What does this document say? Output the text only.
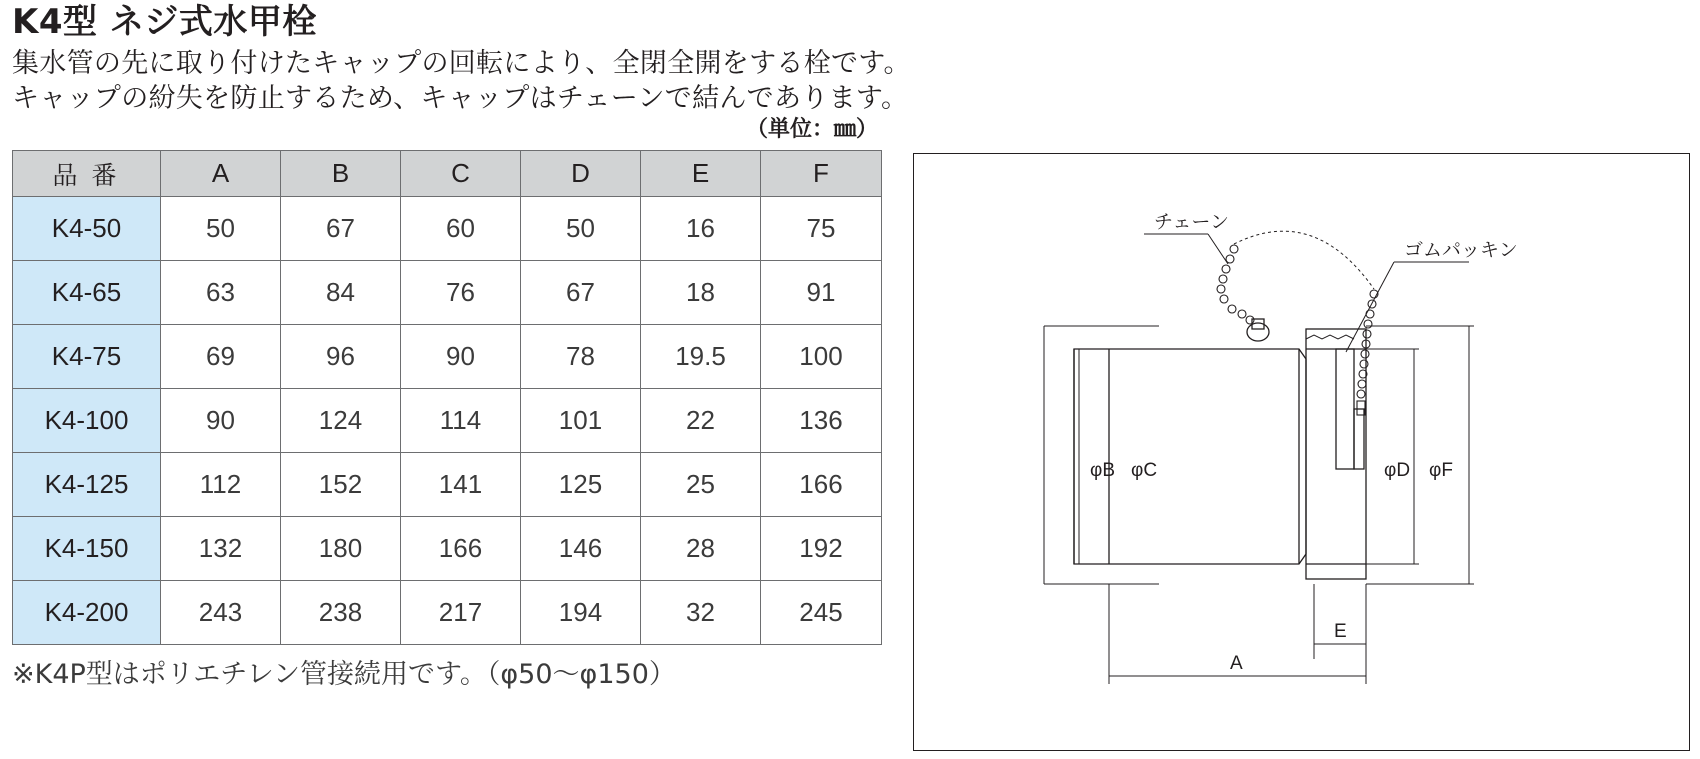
K4型 ネジ式水甲栓
集水管の先に取り付けたキャップの回転により、全閉全開をする栓です。
キャップの紛失を防止するため、キャップはチェーンで結んであります。
（単位：㎜）
品番	A	B	C	D	E	F
K4-50	50	67	60	50	16	75
K4-65	63	84	76	67	18	91
K4-75	69	96	90	78	19.5	100
K4-100	90	124	114	101	22	136
K4-125	112	152	141	125	25	166
K4-150	132	180	166	146	28	192
K4-200	243	238	217	194	32	245
※K4P型はポリエチレン管接続用です。（φ50～φ150）
チェーン
ゴムパッキン
φB φC	φD φF
E
A
